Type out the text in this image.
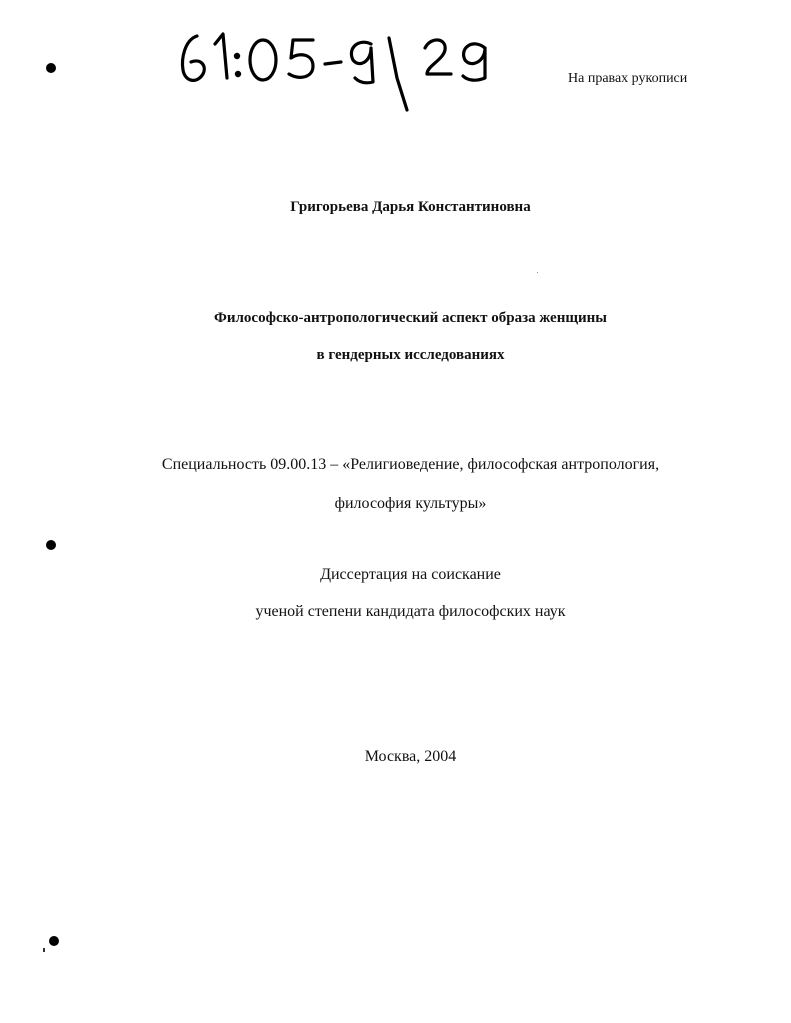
На правах рукописи
Григорьева Дарья Константиновна
Философско-антропологический аспект образа женщины
в гендерных исследованиях
Специальность 09.00.13 – «Религиоведение, философская антропология,
философия культуры»
Диссертация на соискание
ученой степени кандидата философских наук
Москва, 2004
